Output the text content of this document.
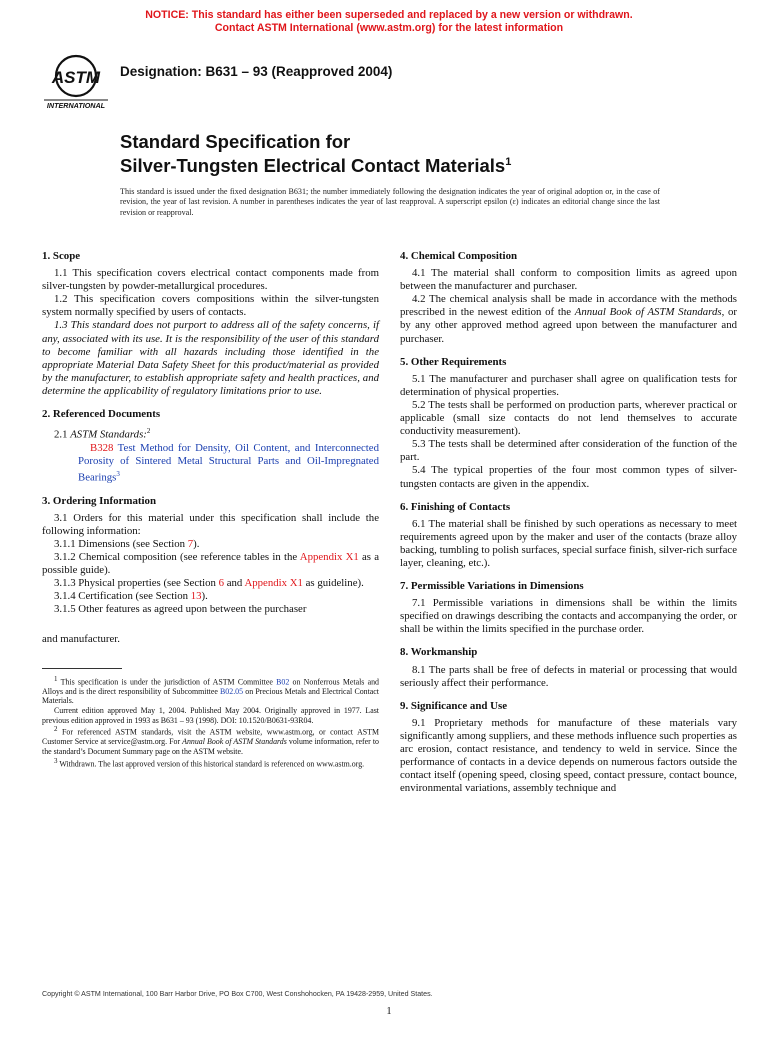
NOTICE: This standard has either been superseded and replaced by a new version or withdrawn.
Contact ASTM International (www.astm.org) for the latest information
ASTM
INTERNATIONAL
Designation: B631 – 93 (Reapproved 2004)
Standard Specification for
Silver-Tungsten Electrical Contact Materials$^1$
This standard is issued under the fixed designation B631; the number immediately following the designation indicates the year of original adoption or, in the case of revision, the year of last revision. A number in parentheses indicates the year of last reapproval. A superscript epsilon (ε) indicates an editorial change since the last revision or reapproval.
1. Scope

1.1 This specification covers electrical contact components made from silver-tungsten by powder-metallurgical procedures.

1.2 This specification covers compositions within the silver-tungsten system normally specified by users of contacts.

1.3 This standard does not purport to address all of the safety concerns, if any, associated with its use. It is the responsibility of the user of this standard to become familiar with all hazards including those identified in the appropriate Material Data Safety Sheet for this product/material as provided by the manufacturer, to establish appropriate safety and health practices, and determine the applicability of regulatory limitations prior to use.

2. Referenced Documents

2.1 ASTM Standards:$^2$

B328 Test Method for Density, Oil Content, and Interconnected Porosity of Sintered Metal Structural Parts and Oil-Impregnated Bearings$^3$

3. Ordering Information

3.1 Orders for this material under this specification shall include the following information:

3.1.1 Dimensions (see Section 7).

3.1.2 Chemical composition (see reference tables in the Appendix X1 as a possible guide).

3.1.3 Physical properties (see Section 6 and Appendix X1 as guideline).

3.1.4 Certification (see Section 13).

3.1.5 Other features as agreed upon between the purchaser

and manufacturer.

$^1$ This specification is under the jurisdiction of ASTM Committee B02 on Nonferrous Metals and Alloys and is the direct responsibility of Subcommittee B02.05 on Precious Metals and Electrical Contact Materials.

Current edition approved May 1, 2004. Published May 2004. Originally approved in 1977. Last previous edition approved in 1993 as B631 – 93 (1998). DOI: 10.1520/B0631-93R04.

$^2$ For referenced ASTM standards, visit the ASTM website, www.astm.org, or contact ASTM Customer Service at service@astm.org. For Annual Book of ASTM Standards volume information, refer to the standard’s Document Summary page on the ASTM website.

$^3$ Withdrawn. The last approved version of this historical standard is referenced on www.astm.org.

4. Chemical Composition

4.1 The material shall conform to composition limits as agreed upon between the manufacturer and purchaser.

4.2 The chemical analysis shall be made in accordance with the methods prescribed in the newest edition of the Annual Book of ASTM Standards, or by any other approved method agreed upon between the manufacturer and purchaser.

5. Other Requirements

5.1 The manufacturer and purchaser shall agree on qualification tests for determination of physical properties.

5.2 The tests shall be performed on production parts, wherever practical or applicable (small size contacts do not lend themselves to accurate conductivity measurement).

5.3 The tests shall be determined after consideration of the function of the part.

5.4 The typical properties of the four most common types of silver-tungsten contacts are given in the appendix.

6. Finishing of Contacts

6.1 The material shall be finished by such operations as necessary to meet requirements agreed upon by the maker and user of the contacts (braze alloy backing, tumbling to polish surfaces, special surface finish, silver-rich surface layer, cleaning, etc.).

7. Permissible Variations in Dimensions

7.1 Permissible variations in dimensions shall be within the limits specified on drawings describing the contacts and accompanying the order, or shall be within the limits specified in the purchase order.

8. Workmanship

8.1 The parts shall be free of defects in material or processing that would seriously affect their performance.

9. Significance and Use

9.1 Proprietary methods for manufacture of these materials vary significantly among suppliers, and these methods influence such properties as arc erosion, contact resistance, and tendency to weld in service. Since the performance of contacts in a device depends on numerous factors outside the contact itself (opening speed, closing speed, contact pressure, contact bounce, environmental variations, assembly technique and

Copyright © ASTM International, 100 Barr Harbor Drive, PO Box C700, West Conshohocken, PA 19428-2959, United States.
1
